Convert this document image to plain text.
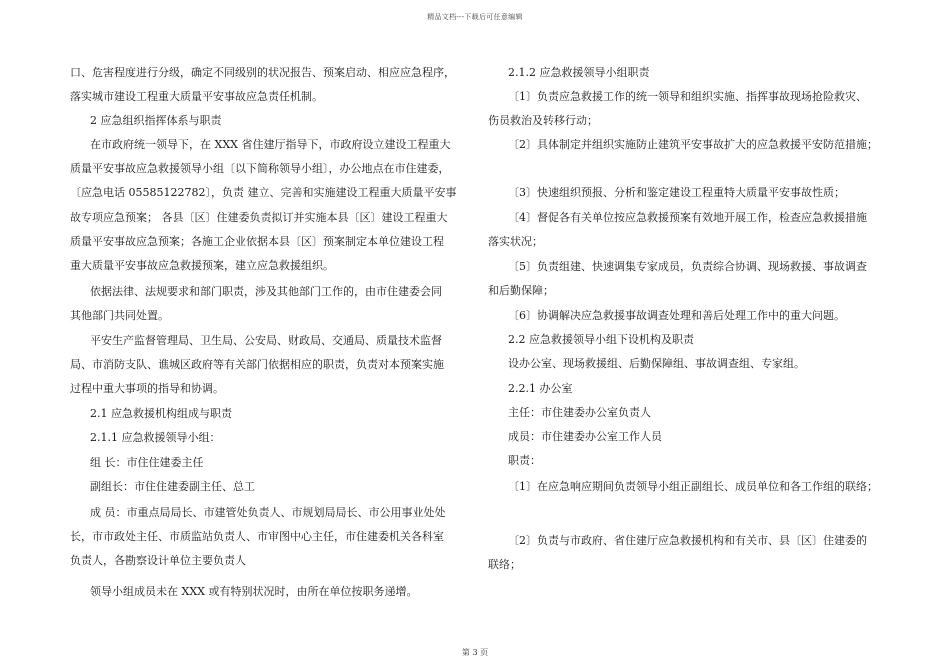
精品文档---下载后可任意编辑
口、危害程度进行分级，确定不同级别的状况报告、预案启动、相应应急程序，
落实城市建设工程重大质量平安事故应急责任机制。
2 应急组织指挥体系与职责
在市政府统一领导下，在 XXX 省住建厅指导下，市政府设立建设工程重大
质量平安事故应急救援领导小组〔以下简称领导小组〕，办公地点在市住建委，
〔应急电话 05585122782〕，负责 建立、完善和实施建设工程重大质量平安事
故专项应急预案； 各县〔区〕住建委负责拟订并实施本县〔区〕建设工程重大
质量平安事故应急预案；各施工企业依据本县〔区〕预案制定本单位建设工程
重大质量平安事故应急救援预案，建立应急救援组织。
依据法律、法规要求和部门职责，涉及其他部门工作的，由市住建委会同
其他部门共同处置。
平安生产监督管理局、卫生局、公安局、财政局、交通局、质量技术监督
局、市消防支队、谯城区政府等有关部门依据相应的职责，负责对本预案实施
过程中重大事项的指导和协调。
2.1 应急救援机构组成与职责
2.1.1 应急救援领导小组：
组 长：市住住建委主任
副组长：市住住建委副主任、总工
成 员：市重点局局长、市建管处负责人、市规划局局长、市公用事业处处
长，市市政处主任、市质监站负责人、市审图中心主任，市住建委机关各科室
负责人，各勘察设计单位主要负责人
领导小组成员未在 XXX 或有特别状况时，由所在单位按职务递增。
2.1.2 应急救援领导小组职责
〔1〕负责应急救援工作的统一领导和组织实施、指挥事故现场抢险救灾、
伤员救治及转移行动；
〔2〕具体制定并组织实施防止建筑平安事故扩大的应急救援平安防范措施；
〔3〕快速组织预报、分析和鉴定建设工程重特大质量平安事故性质；
〔4〕督促各有关单位按应急救援预案有效地开展工作，检查应急救援措施
落实状况；
〔5〕负责组建、快速调集专家成员，负责综合协调、现场救援、事故调查
和后勤保障；
〔6〕协调解决应急救援事故调查处理和善后处理工作中的重大问题。
2.2 应急救援领导小组下设机构及职责
设办公室、现场救援组、后勤保障组、事故调查组、专家组。
2.2.1 办公室
主任：市住建委办公室负责人
成员：市住建委办公室工作人员
职责：
〔1〕在应急响应期间负责领导小组正副组长、成员单位和各工作组的联络；
〔2〕负责与市政府、省住建厅应急救援机构和有关市、县〔区〕住建委的
联络；
第 3 页
